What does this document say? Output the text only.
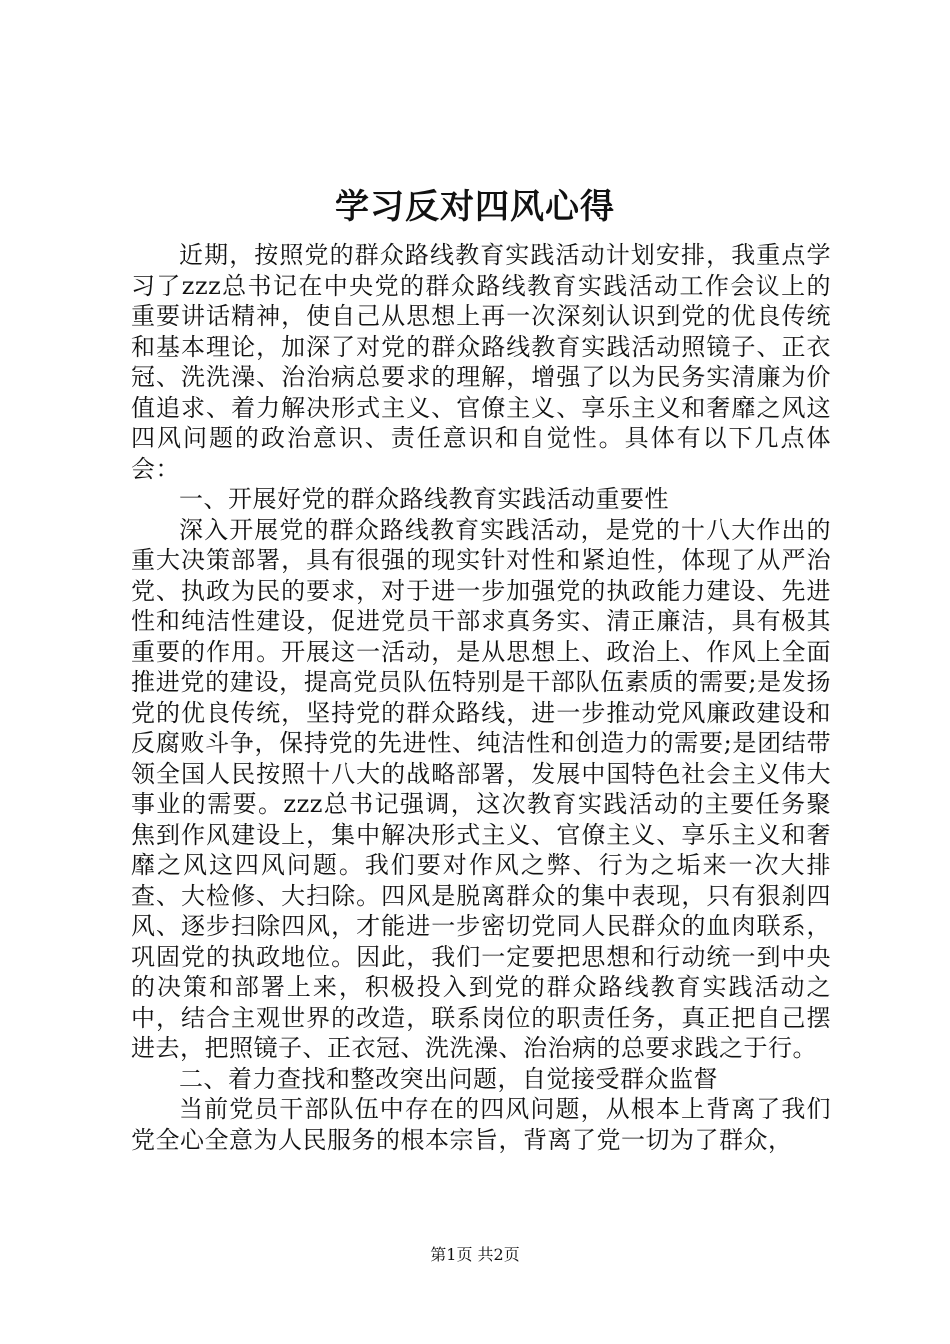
学习反对四风心得

近期，按照党的群众路线教育实践活动计划安排，我重点学习了zzz总书记在中央党的群众路线教育实践活动工作会议上的重要讲话精神，使自己从思想上再一次深刻认识到党的优良传统和基本理论，加深了对党的群众路线教育实践活动照镜子、正衣冠、洗洗澡、治治病总要求的理解，增强了以为民务实清廉为价值追求、着力解决形式主义、官僚主义、享乐主义和奢靡之风这四风问题的政治意识、责任意识和自觉性。具体有以下几点体会：

一、开展好党的群众路线教育实践活动重要性

深入开展党的群众路线教育实践活动，是党的十八大作出的重大决策部署，具有很强的现实针对性和紧迫性，体现了从严治党、执政为民的要求，对于进一步加强党的执政能力建设、先进性和纯洁性建设，促进党员干部求真务实、清正廉洁，具有极其重要的作用。开展这一活动，是从思想上、政治上、作风上全面推进党的建设，提高党员队伍特别是干部队伍素质的需要;是发扬党的优良传统，坚持党的群众路线，进一步推动党风廉政建设和反腐败斗争，保持党的先进性、纯洁性和创造力的需要;是团结带领全国人民按照十八大的战略部署，发展中国特色社会主义伟大事业的需要。zzz总书记强调，这次教育实践活动的主要任务聚焦到作风建设上，集中解决形式主义、官僚主义、享乐主义和奢靡之风这四风问题。我们要对作风之弊、行为之垢来一次大排查、大检修、大扫除。四风是脱离群众的集中表现，只有狠刹四风、逐步扫除四风，才能进一步密切党同人民群众的血肉联系，巩固党的执政地位。因此，我们一定要把思想和行动统一到中央的决策和部署上来，积极投入到党的群众路线教育实践活动之中，结合主观世界的改造，联系岗位的职责任务，真正把自己摆进去，把照镜子、正衣冠、洗洗澡、治治病的总要求践之于行。

二、着力查找和整改突出问题，自觉接受群众监督

当前党员干部队伍中存在的四风问题，从根本上背离了我们党全心全意为人民服务的根本宗旨，背离了党一切为了群众，

第1页 共2页
